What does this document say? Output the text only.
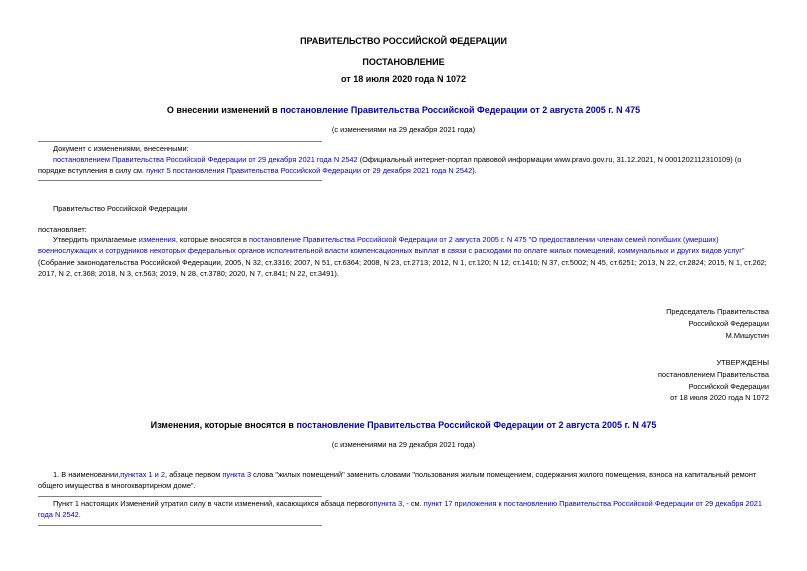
ПРАВИТЕЛЬСТВО РОССИЙСКОЙ ФЕДЕРАЦИИ
ПОСТАНОВЛЕНИЕ
от 18 июля 2020 года N 1072
О внесении изменений в постановление Правительства Российской Федерации от 2 августа 2005 г. N 475
(с изменениями на 29 декабря 2021 года)
Документ с изменениями, внесенными:
постановлением Правительства Российской Федерации от 29 декабря 2021 года N 2542 (Официальный интернет-портал правовой информации www.pravo.gov.ru, 31.12.2021, N 0001202112310109) (о порядке вступления в силу см. пункт 5 постановления Правительства Российской Федерации от 29 декабря 2021 года N 2542).
Правительство Российской Федерации
постановляет:
Утвердить прилагаемые изменения, которые вносятся в постановление Правительства Российской Федерации от 2 августа 2005 г. N 475 "О предоставлении членам семей погибших (умерших) военнослужащих и сотрудников некоторых федеральных органов исполнительной власти компенсационных выплат в связи с расходами по оплате жилых помещений, коммунальных и других видов услуг" (Собрание законодательства Российской Федерации, 2005, N 32, ст.3316; 2007, N 51, ст.6364; 2008, N 23, ст.2713; 2012, N 1, ст.120; N 12, ст.1410; N 37, ст.5002; N 45, ст.6251; 2013, N 22, ст.2824; 2015, N 1, ст.262; 2017, N 2, ст.368; 2018, N 3, ст.563; 2019, N 28, ст.3780; 2020, N 7, ст.841; N 22, ст.3491).

Председатель Правительства

Российской Федерации

М.Мишустин

УТВЕРЖДЕНЫ

постановлением Правительства

Российской Федерации

от 18 июля 2020 года N 1072

Изменения, которые вносятся в постановление Правительства Российской Федерации от 2 августа 2005 г. N 475
(с изменениями на 29 декабря 2021 года)
1. В наименовании,пунктах 1 и 2, абзаце первом пункта 3 слова "жилых помещений" заменить словами "пользования жилым помещением, содержания жилого помещения, взноса на капитальный ремонт общего имущества в многоквартирном доме".
Пункт 1 настоящих Изменений утратил силу в части изменений, касающихся абзаца первогопункта 3, - см. пункт 17 приложения к постановлению Правительства Российской Федерации от 29 декабря 2021 года N 2542.
